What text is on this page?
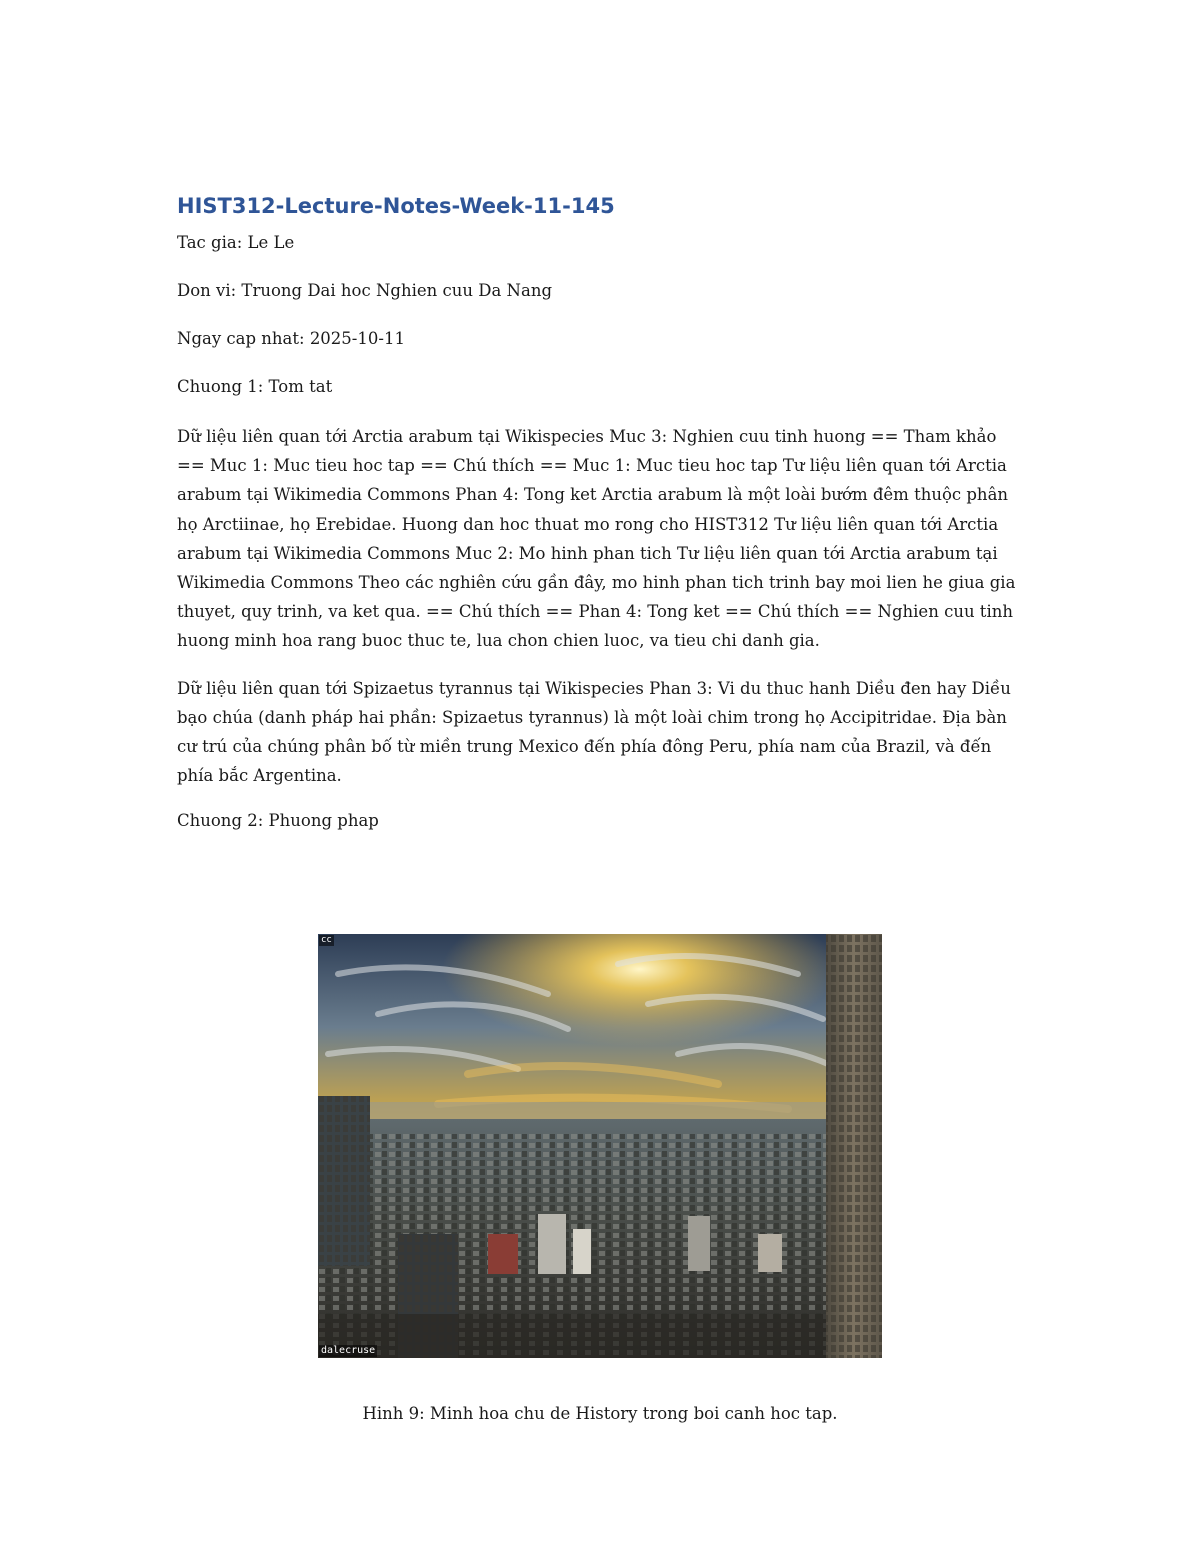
HIST312-Lecture-Notes-Week-11-145

Tac gia: Le Le

Don vi: Truong Dai hoc Nghien cuu Da Nang

Ngay cap nhat: 2025-10-11

Chuong 1: Tom tat

Dữ liệu liên quan tới Arctia arabum tại Wikispecies Muc 3: Nghien cuu tinh huong == Tham khảo == Muc 1: Muc tieu hoc tap == Chú thích == Muc 1: Muc tieu hoc tap Tư liệu liên quan tới Arctia arabum tại Wikimedia Commons Phan 4: Tong ket Arctia arabum là một loài bướm đêm thuộc phân họ Arctiinae, họ Erebidae. Huong dan hoc thuat mo rong cho HIST312 Tư liệu liên quan tới Arctia arabum tại Wikimedia Commons Muc 2: Mo hinh phan tich Tư liệu liên quan tới Arctia arabum tại Wikimedia Commons Theo các nghiên cứu gần đây, mo hinh phan tich trinh bay moi lien he giua gia thuyet, quy trinh, va ket qua. == Chú thích == Phan 4: Tong ket == Chú thích == Nghien cuu tinh huong minh hoa rang buoc thuc te, lua chon chien luoc, va tieu chi danh gia.

Dữ liệu liên quan tới Spizaetus tyrannus tại Wikispecies Phan 3: Vi du thuc hanh Diều đen hay Diều bạo chúa (danh pháp hai phần: Spizaetus tyrannus) là một loài chim trong họ Accipitridae. Địa bàn cư trú của chúng phân bố từ miền trung Mexico đến phía đông Peru, phía nam của Brazil, và đến phía bắc Argentina.

Chuong 2: Phuong phap

cc
dalecruse

Hinh 9: Minh hoa chu de History trong boi canh hoc tap.
